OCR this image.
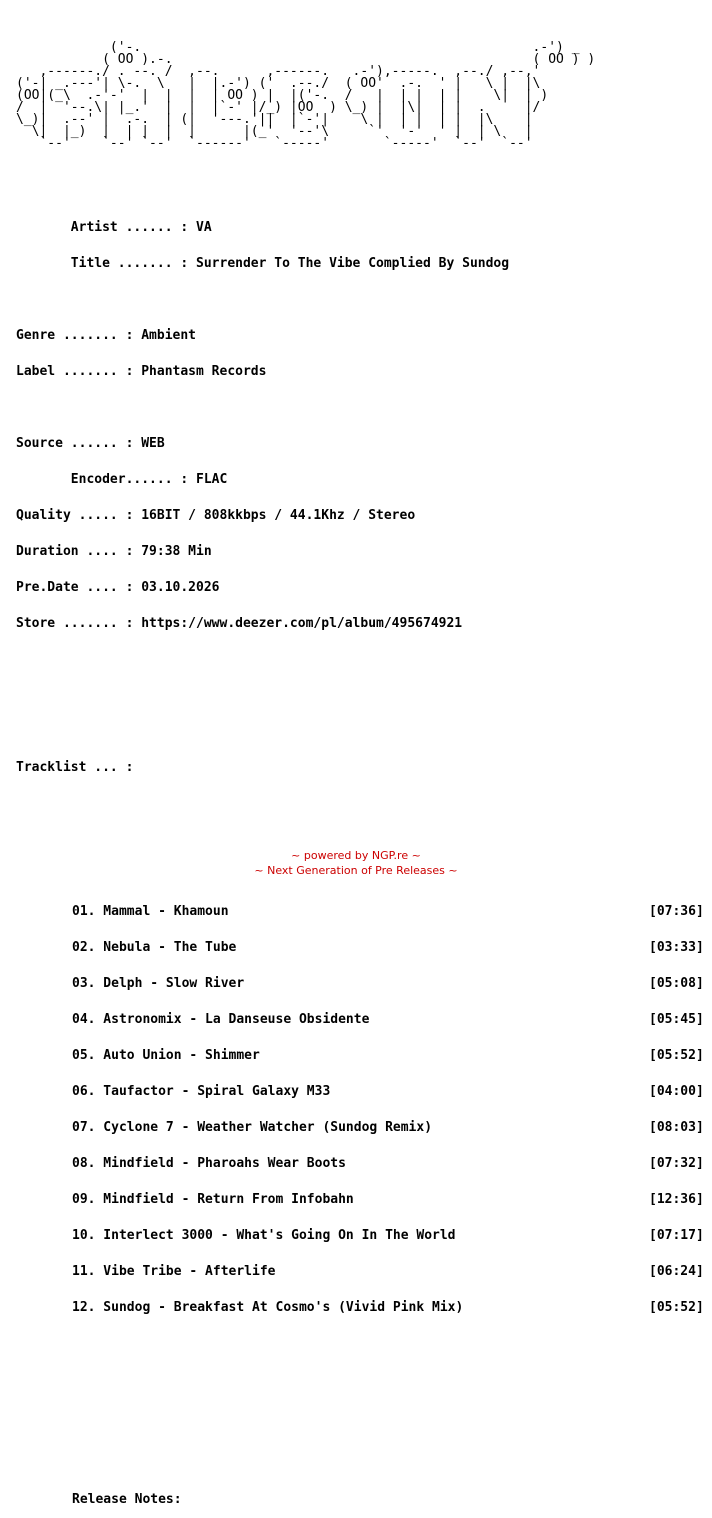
('-.                                                  .-') _
( OO ).-.                                              ( OO ) )
,------./ . --. /  ,--.      ,------.   .-'),-----.  ,--./ ,--,'
('-| _.---'| \-.  \   |  |.-') ('  .--./  ( OO'  .-.  ' |   \ |  |\
(OO|(_\  .-'-'  |  |  |  | OO ) |  |('-.  /   |  | |  | |    \|  | )
/  |  '--.\| |_.'  |  |  |`-' |/_) |OO  ) \_) |  |\|  | |  .     |/
\_)|  .--' |  .-.  | (|  '---.'||  |`-'|    \ |  | |  | |  |\    |
\|  |_)  |  | |  |  |      |(_'  '--'\     `'  '-'  ' |  | \   |
`--'    `--' `--'  `------'   `-----'       `-----'  `--'  `--'

Artist ...... : VA

Title ....... : Surrender To The Vibe Complied By Sundog

Genre ....... : Ambient

Label ....... : Phantasm Records

Source ...... : WEB

Encoder...... : FLAC

Quality ..... : 16BIT / 808kkbps / 44.1Khz / Stereo

Duration .... : 79:38 Min

Pre.Date .... : 03.10.2026

Store ....... : https://www.deezer.com/pl/album/495674921

Tracklist ... :

01. Mammal - Khamoun	[07:36]

02. Nebula - The Tube	[03:33]

03. Delph - Slow River	[05:08]

04. Astronomix - La Danseuse Obsidente	[05:45]

05. Auto Union - Shimmer	[05:52]

06. Taufactor - Spiral Galaxy M33	[04:00]

07. Cyclone 7 - Weather Watcher (Sundog Remix)	[08:03]

08. Mindfield - Pharoahs Wear Boots	[07:32]

09. Mindfield - Return From Infobahn	[12:36]

10. Interlect 3000 - What's Going On In The World	[07:17]

11. Vibe Tribe - Afterlife	[06:24]

12. Sundog - Breakfast At Cosmo's (Vivid Pink Mix)	[05:52]

Release Notes:

~ powered by NGP.re ~
~ Next Generation of Pre Releases ~
